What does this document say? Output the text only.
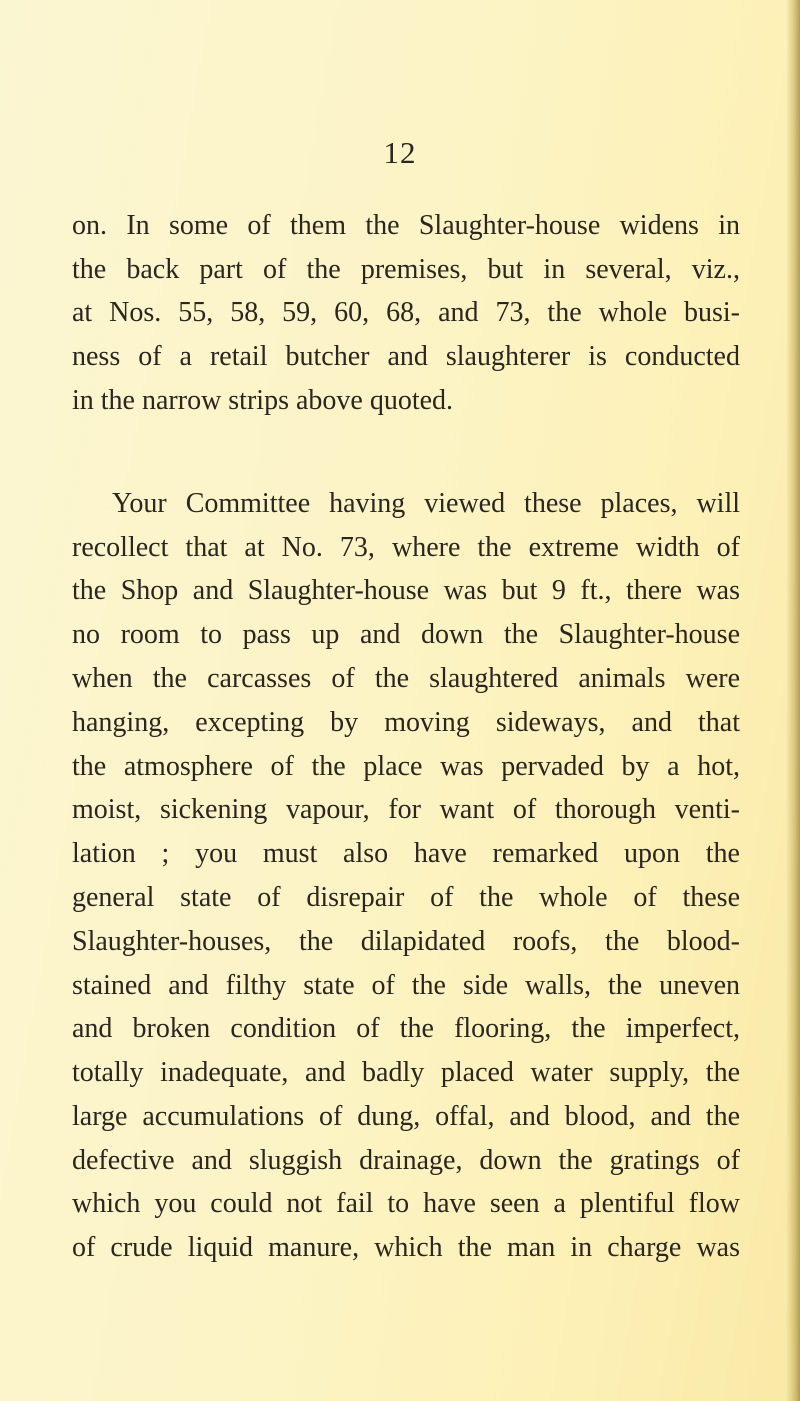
12
on. In some of them the Slaughter-house widens in
the back part of the premises, but in several, viz.,
at Nos. 55, 58, 59, 60, 68, and 73, the whole busi-
ness of a retail butcher and slaughterer is conducted
in the narrow strips above quoted.
Your Committee having viewed these places, will
recollect that at No. 73, where the extreme width of
the Shop and Slaughter-house was but 9 ft., there was
no room to pass up and down the Slaughter-house
when the carcasses of the slaughtered animals were
hanging, excepting by moving sideways, and that
the atmosphere of the place was pervaded by a hot,
moist, sickening vapour, for want of thorough venti-
lation ; you must also have remarked upon the
general state of disrepair of the whole of these
Slaughter-houses, the dilapidated roofs, the blood-
stained and filthy state of the side walls, the uneven
and broken condition of the flooring, the imperfect,
totally inadequate, and badly placed water supply, the
large accumulations of dung, offal, and blood, and the
defective and sluggish drainage, down the gratings of
which you could not fail to have seen a plentiful flow
of crude liquid manure, which the man in charge was
